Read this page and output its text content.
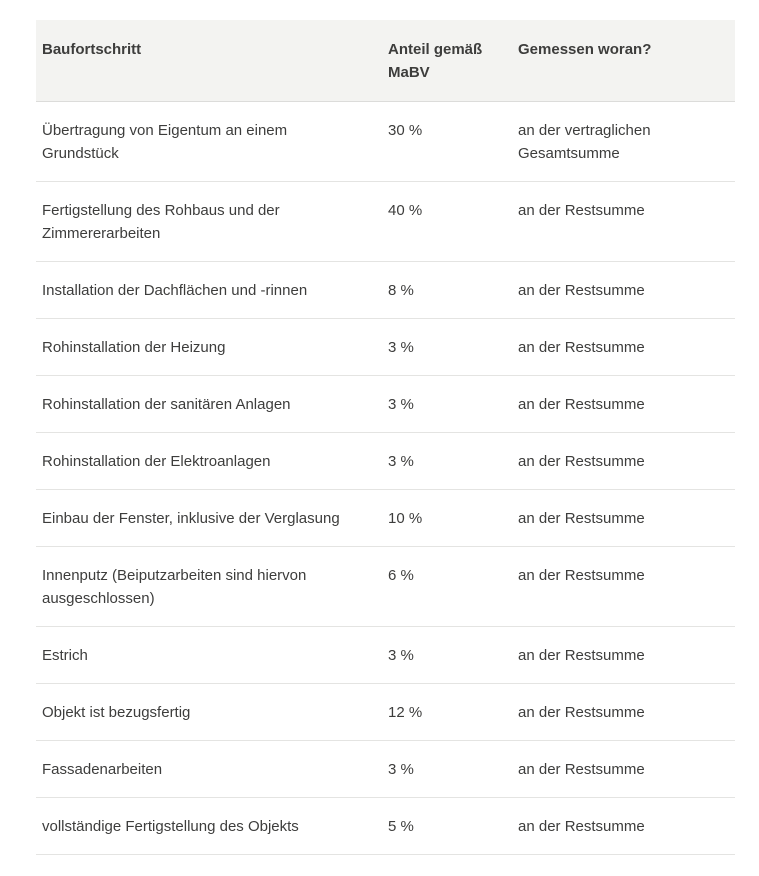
Baufortschritt	Anteil gemäß MaBV	Gemessen woran?
Übertragung von Eigentum an einem Grundstück	30 %	an der vertraglichen Gesamtsumme
Fertigstellung des Rohbaus und der Zimmererarbeiten	40 %	an der Restsumme
Installation der Dachflächen und -rinnen	8 %	an der Restsumme
Rohinstallation der Heizung	3 %	an der Restsumme
Rohinstallation der sanitären Anlagen	3 %	an der Restsumme
Rohinstallation der Elektroanlagen	3 %	an der Restsumme
Einbau der Fenster, inklusive der Verglasung	10 %	an der Restsumme
Innenputz (Beiputzarbeiten sind hiervon ausgeschlossen)	6 %	an der Restsumme
Estrich	3 %	an der Restsumme
Objekt ist bezugsfertig	12 %	an der Restsumme
Fassadenarbeiten	3 %	an der Restsumme
vollständige Fertigstellung des Objekts	5 %	an der Restsumme
